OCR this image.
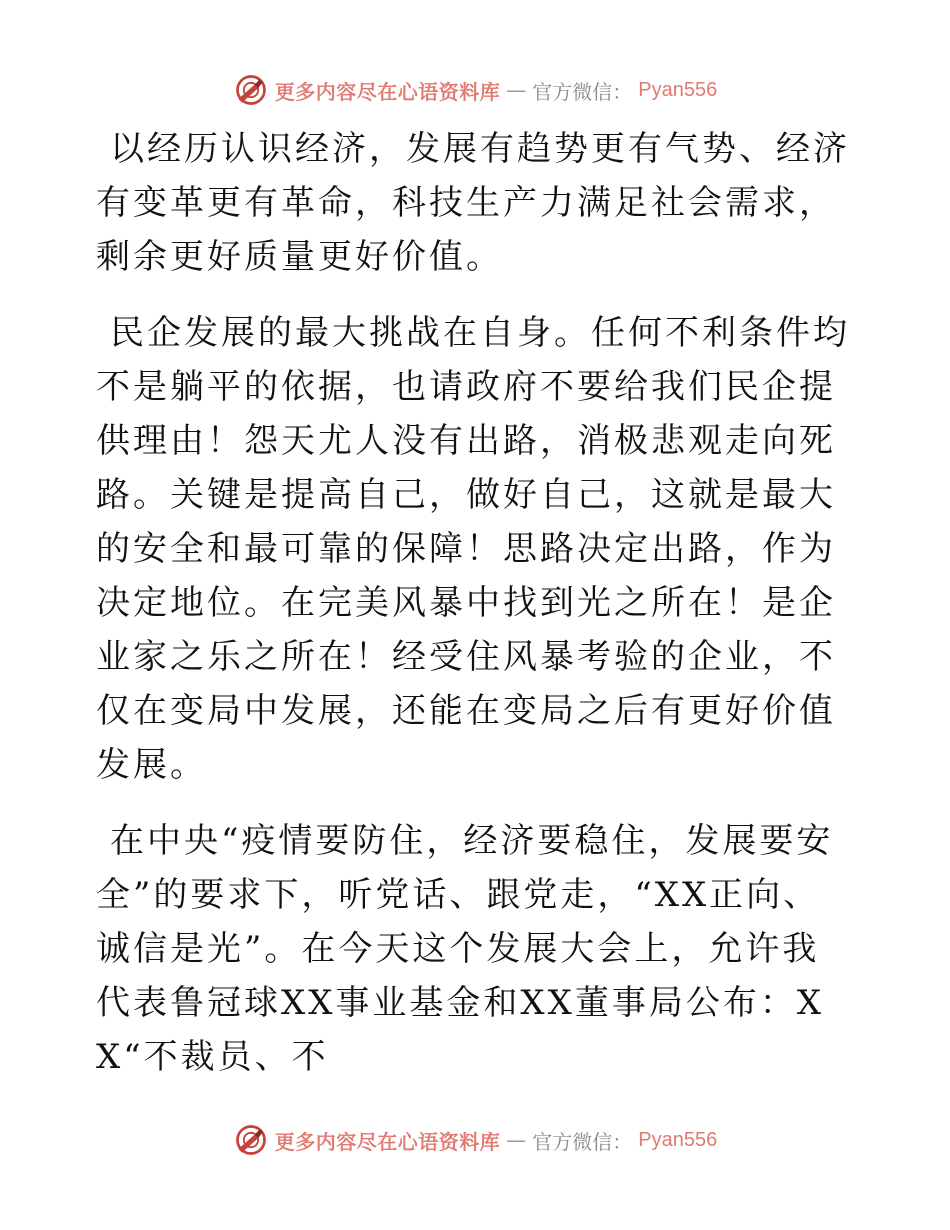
更多内容尽在心语资料库 — 官方微信： Pyan556

以经历认识经济，发展有趋势更有气势、经济有变革更有革命，科技生产力满足社会需求，剩余更好质量更好价值。

民企发展的最大挑战在自身。任何不利条件均不是躺平的依据，也请政府不要给我们民企提供理由！怨天尤人没有出路，消极悲观走向死路。关键是提高自己，做好自己，这就是最大的安全和最可靠的保障！思路决定出路，作为决定地位。在完美风暴中找到光之所在！是企业家之乐之所在！经受住风暴考验的企业，不仅在变局中发展，还能在变局之后有更好价值发展。

在中央“疫情要防住，经济要稳住，发展要安全”的要求下，听党话、跟党走，“XX正向、诚信是光”。在今天这个发展大会上，允许我代表鲁冠球XX事业基金和XX董事局公布：XX“不裁员、不

更多内容尽在心语资料库 — 官方微信： Pyan556
